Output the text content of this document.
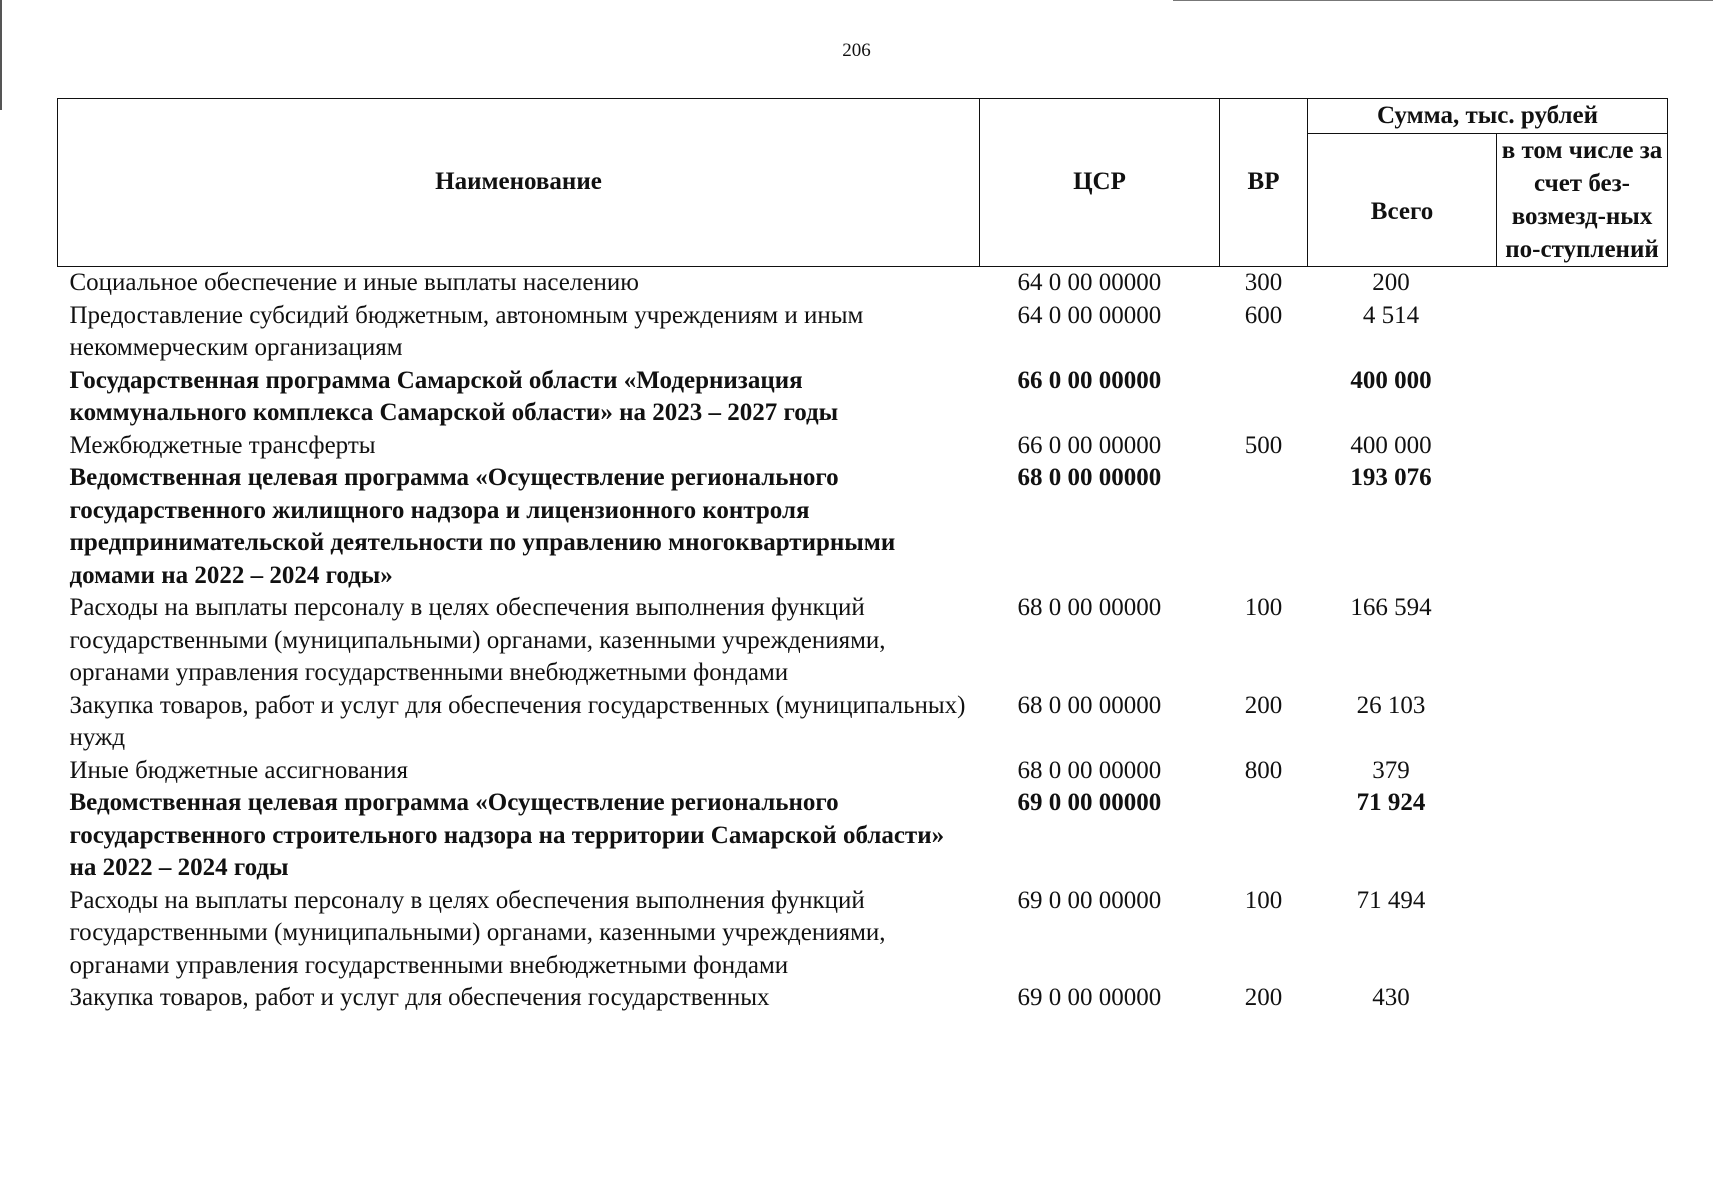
206
Наименование	ЦСР	ВР	Сумма, тыс. рублей	
			Всего	в том числе за счет без-возмезд-ных по-ступлений
Социальное обеспечение и иные выплаты населению	64 0 00 00000	300	200	
Предоставление субсидий бюджетным, автономным учреждениям и иным некоммерческим организациям	64 0 00 00000	600	4 514	
Государственная программа Самарской области «Модернизация коммунального комплекса Самарской области» на 2023 – 2027 годы	66 0 00 00000		400 000	
Межбюджетные трансферты	66 0 00 00000	500	400 000	
Ведомственная целевая программа «Осуществление регионального государственного жилищного надзора и лицензионного контроля предпринимательской деятельности по управлению многоквартирными домами на 2022 – 2024 годы»	68 0 00 00000		193 076	
Расходы на выплаты персоналу в целях обеспечения выполнения функций государственными (муниципальными) органами, казенными учреждениями, органами управления государственными внебюджетными фондами	68 0 00 00000	100	166 594	
Закупка товаров, работ и услуг для обеспечения государственных (муниципальных) нужд	68 0 00 00000	200	26 103	
Иные бюджетные ассигнования	68 0 00 00000	800	379	
Ведомственная целевая программа «Осуществление регионального государственного строительного надзора на территории Самарской области» на 2022 – 2024 годы	69 0 00 00000		71 924	
Расходы на выплаты персоналу в целях обеспечения выполнения функций государственными (муниципальными) органами, казенными учреждениями, органами управления государственными внебюджетными фондами	69 0 00 00000	100	71 494	
Закупка товаров, работ и услуг для обеспечения государственных	69 0 00 00000	200	430	
